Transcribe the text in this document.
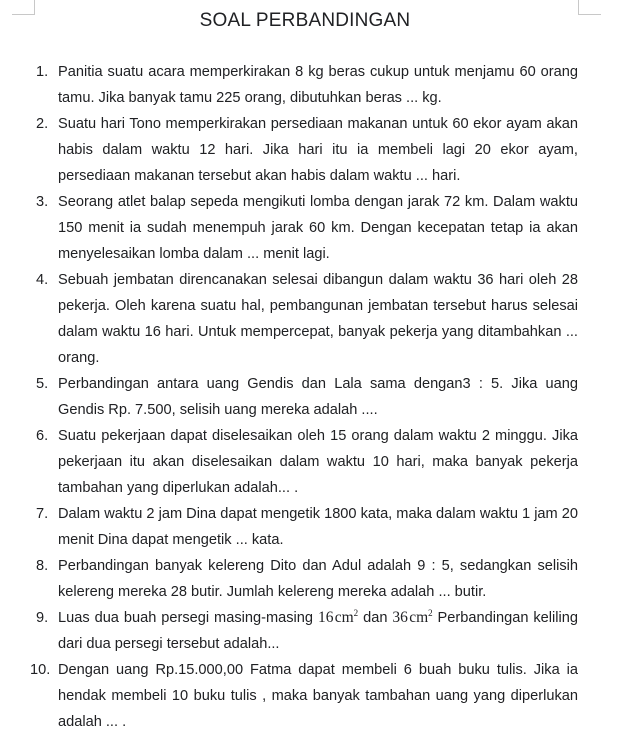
SOAL PERBANDINGAN
1. Panitia suatu acara memperkirakan 8 kg beras cukup untuk menjamu 60 orang tamu. Jika banyak tamu 225 orang, dibutuhkan beras ... kg.
2. Suatu hari Tono memperkirakan persediaan makanan untuk 60 ekor ayam akan habis dalam waktu 12 hari. Jika hari itu ia membeli lagi 20 ekor ayam, persediaan makanan tersebut akan habis dalam waktu ... hari.
3. Seorang atlet balap sepeda mengikuti lomba dengan jarak 72 km. Dalam waktu 150 menit ia sudah menempuh jarak 60 km. Dengan kecepatan tetap ia akan menyelesaikan lomba dalam ... menit lagi.
4. Sebuah jembatan direncanakan selesai dibangun dalam waktu 36 hari oleh 28 pekerja. Oleh karena suatu hal, pembangunan jembatan tersebut harus selesai dalam waktu 16 hari. Untuk mempercepat, banyak pekerja yang ditambahkan ... orang.
5. Perbandingan antara uang Gendis dan Lala sama dengan3 : 5. Jika uang Gendis Rp. 7.500, selisih uang mereka adalah ....
6. Suatu pekerjaan dapat diselesaikan oleh 15 orang dalam waktu 2 minggu. Jika pekerjaan itu akan diselesaikan dalam waktu 10 hari, maka banyak pekerja tambahan yang diperlukan adalah... .
7. Dalam waktu 2 jam Dina dapat mengetik 1800 kata, maka dalam waktu 1 jam 20 menit Dina dapat mengetik ... kata.
8. Perbandingan banyak kelereng Dito dan Adul adalah 9 : 5, sedangkan selisih kelereng mereka 28 butir. Jumlah kelereng mereka adalah ... butir.
9. Luas dua buah persegi masing-masing 16 $cm^2$ dan 36 $cm^2$ Perbandingan keliling dari dua persegi tersebut adalah...
10. Dengan uang Rp.15.000,00 Fatma dapat membeli 6 buah buku tulis. Jika ia hendak membeli 10 buku tulis , maka banyak tambahan uang yang diperlukan adalah ... .
